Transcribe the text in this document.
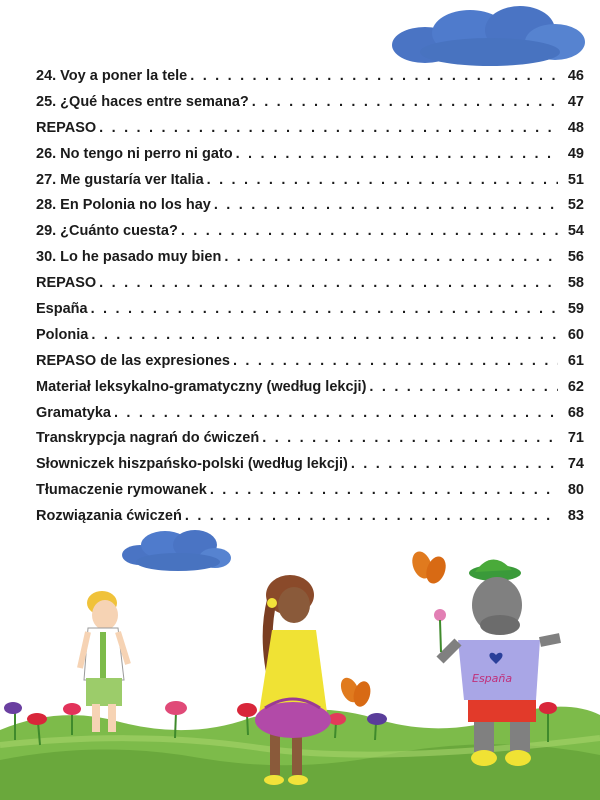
España
24. Voy a poner la tele . . .	46
25. ¿Qué haces entre semana? . . .	47
REPASO . . .	48
26. No tengo ni perro ni gato . . .	49
27. Me gustaría ver Italia . . .	51
28. En Polonia no los hay . . .	52
29. ¿Cuánto cuesta? . . .	54
30. Lo he pasado muy bien . . .	56
REPASO . . .	58
España . . .	59
Polonia . . .	60
REPASO de las expresiones . . .	61
Materiał leksykalno-gramatyczny (według lekcji) . . .	62
Gramatyka . . .	68
Transkrypcja nagrań do ćwiczeń . . .	71
Słowniczek hiszpańsko-polski (według lekcji) . . .	74
Tłumaczenie rymowanek . . .	80
Rozwiązania ćwiczeń . . .	83
